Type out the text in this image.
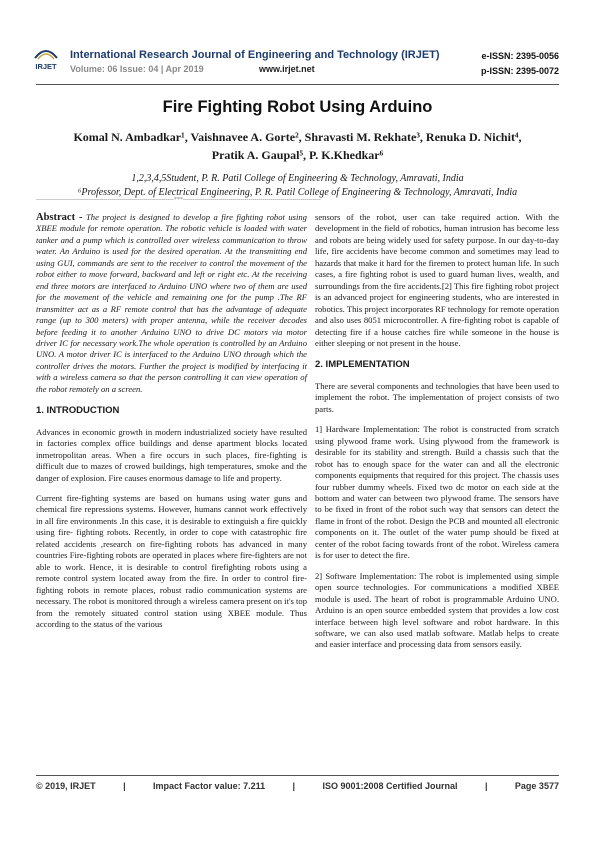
IRJET
International Research Journal of Engineering and Technology (IRJET)
Volume: 06 Issue: 04 | Apr 2019	www.irjet.net
e-ISSN: 2395-0056
p-ISSN: 2395-0072
Fire Fighting Robot Using Arduino
Komal N. Ambadkar¹, Vaishnavee A. Gorte², Shravasti M. Rekhate³, Renuka D. Nichit⁴,
Pratik A. Gaupal⁵, P. K.Khedkar⁶
1,2,3,4,5Student, P. R. Patil College of Engineering & Technology, Amravati, India
⁶Professor, Dept. of Electrical Engineering, P. R. Patil College of Engineering & Technology, Amravati, India
---------------------------------------------------------------------***---------------------------------------------------------------------

Abstract - The project is designed to develop a fire fighting robot using XBEE module for remote operation. The robotic vehicle is loaded with water tanker and a pump which is controlled over wireless communication to throw water. An Arduino is used for the desired operation. At the transmitting end using GUI, commands are sent to the receiver to control the movement of the robot either to move forward, backward and left or right etc. At the receiving end three motors are interfaced to Arduino UNO where two of them are used for the movement of the vehicle and remaining one for the pump .The RF transmitter act as a RF remote control that has the advantage of adequate range (up to 300 meters) with proper antenna, while the receiver decodes before feeding it to another Arduino UNO to drive DC motors via motor driver IC for necessary work.The whole operation is controlled by an Arduino UNO. A motor driver IC is interfaced to the Arduino UNO through which the controller drives the motors. Further the project is modified by interfacing it with a wireless camera so that the person controlling it can view operation of the robot remotely on a screen.

1. INTRODUCTION

Advances in economic growth in modern industrialized society have resulted in factories complex office buildings and dense apartment blocks located inmetropolitan areas. When a fire occurs in such places, fire-fighting is difficult due to mazes of crowed buildings, high temperatures, smoke and the danger of explosion. Fire causes enormous damage to life and property.

Current fire-fighting systems are based on humans using water guns and chemical fire repressions systems. However, humans cannot work effectively in all fire environments .In this case, it is desirable to extinguish a fire quickly using fire- fighting robots. Recently, in order to cope with catastrophic fire related accidents ,research on fire-fighting robots has advanced in many countries Fire-fighting robots are operated in places where fire-fighters are not able to work. Hence, it is desirable to control firefighting robots using a remote control system located away from the fire. In order to control fire-fighting robots in remote places, robust radio communication systems are necessary. The robot is monitored through a wireless camera present on it's top from the remotely situated control station using XBEE module. Thus according to the status of the various

sensors of the robot, user can take required action. With the development in the field of robotics, human intrusion has become less and robots are being widely used for safety purpose. In our day-to-day life, fire accidents have become common and sometimes may lead to hazards that make it hard for the firemen to protect human life. In such cases, a fire fighting robot is used to guard human lives, wealth, and surroundings from the fire accidents.[2] This fire fighting robot project is an advanced project for engineering students, who are interested in robotics. This project incorporates RF technology for remote operation and also uses 8051 microcontroller. A fire-fighting robot is capable of detecting fire if a house catches fire while someone in the house is either sleeping or not present in the house.

2. IMPLEMENTATION

There are several components and technologies that have been used to implement the robot. The implementation of project consists of two parts.

1] Hardware Implementation: The robot is constructed from scratch using plywood frame work. Using plywood from the framework is desirable for its stability and strength. Build a chassis such that the robot has to enough space for the water can and all the electronic components equipments that required for this project. The chassis uses four rubber dummy wheels. Fixed two dc motor on each side at the bottom and water can between two plywood frame. The sensors have to be fixed in front of the robot such way that sensors can detect the flame in front of the robot. Design the PCB and mounted all electronic components on it. The outlet of the water pump should be fixed at center of the robot facing towards front of the robot. Wireless camera is for user to detect the fire.

2] Software Implementation: The robot is implemented using simple open source technologies. For communications a modified XBEE module is used. The heart of robot is programmable Arduino UNO. Arduino is an open source embedded system that provides a low cost interface between high level software and robot hardware. In this software, we can also used matlab software. Matlab helps to create and easier interface and processing data from sensors easily.

© 2019, IRJET	|	Impact Factor value: 7.211	|	ISO 9001:2008 Certified Journal	|	Page 3577
